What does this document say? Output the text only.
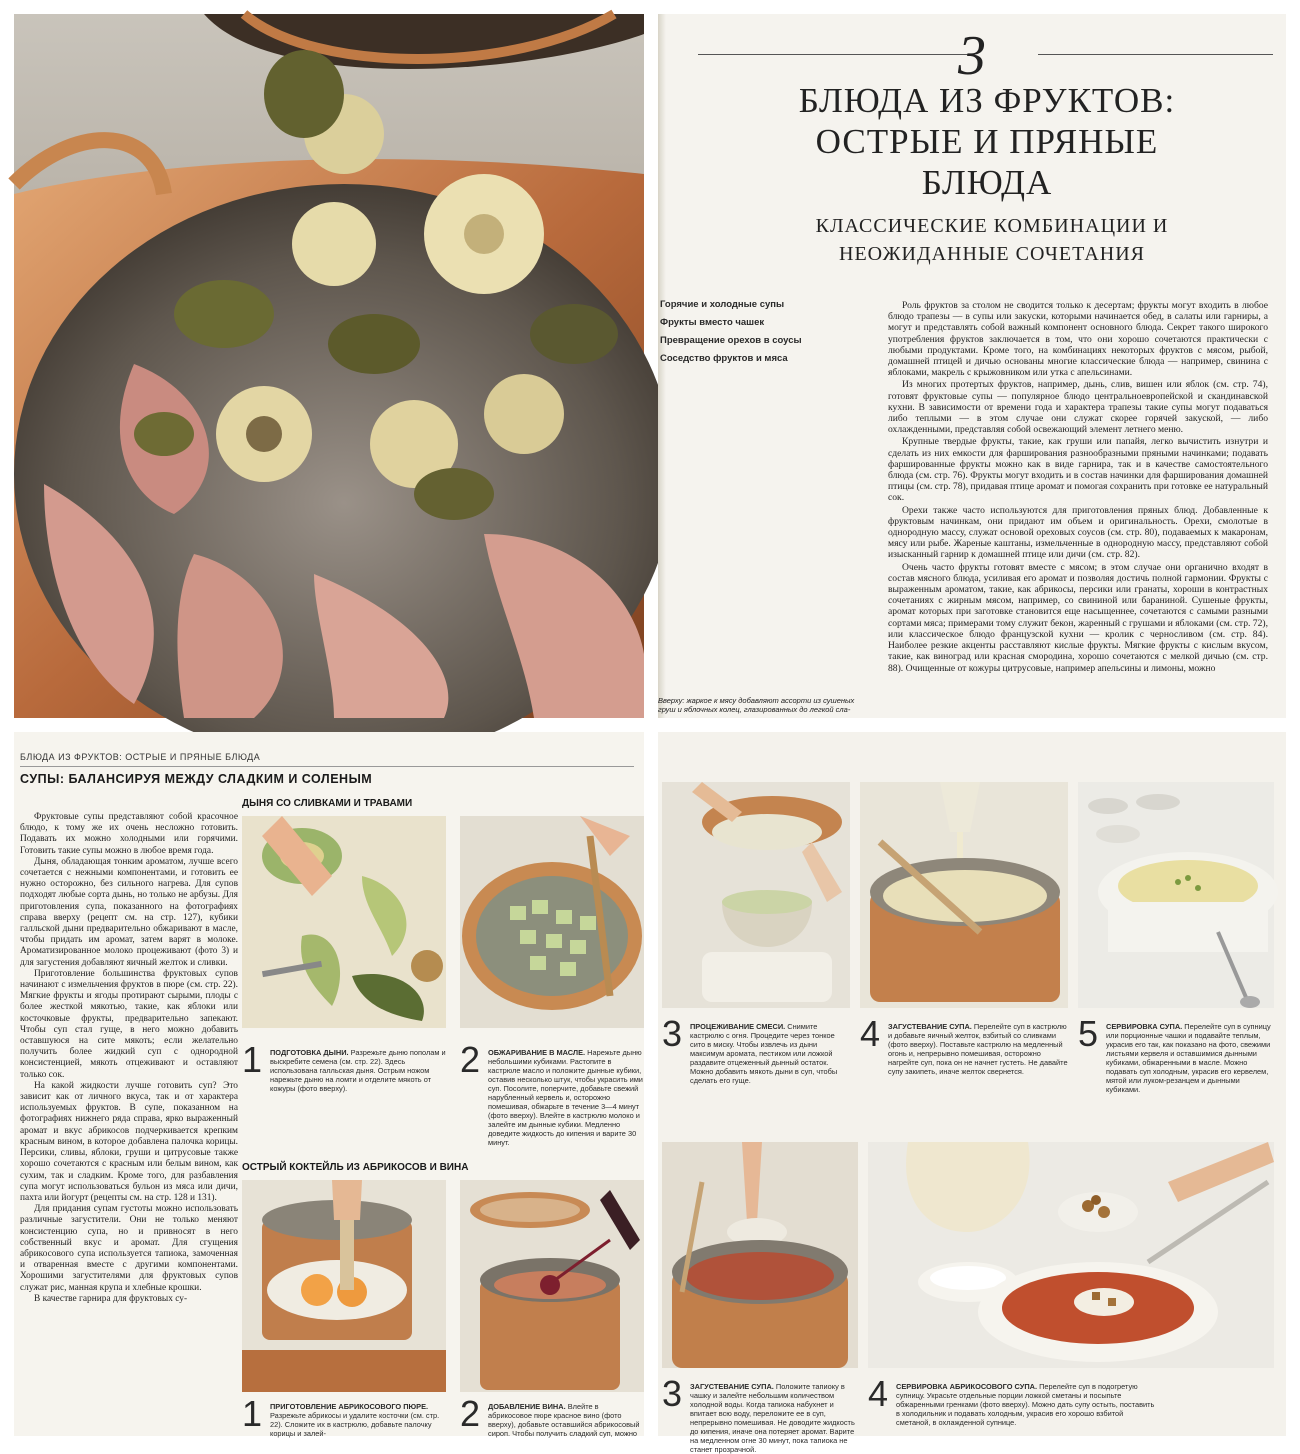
3
БЛЮДА ИЗ ФРУКТОВ:
ОСТРЫЕ И ПРЯНЫЕ
БЛЮДА
КЛАССИЧЕСКИЕ КОМБИНАЦИИ И
НЕОЖИДАННЫЕ СОЧЕТАНИЯ
Горячие и холодные супы
Фрукты вместо чашек
Превращение орехов в соусы
Соседство фруктов и мяса

Роль фруктов за столом не сводится только к десертам; фрукты могут входить в любое блюдо трапезы — в супы или закуски, которыми начинается обед, в салаты или гарниры, а могут и представлять собой важный компонент основного блюда. Секрет такого широкого употребления фруктов заключается в том, что они хорошо сочетаются практически с любыми продуктами. Кроме того, на комбинациях некоторых фруктов с мясом, рыбой, домашней птицей и дичью основаны многие классические блюда — например, свинина с яблоками, макрель с крыжовником или утка с апельсинами.

Из многих протертых фруктов, например, дынь, слив, вишен или яблок (см. стр. 74), готовят фруктовые супы — популярное блюдо центральноевропейской и скандинавской кухни. В зависимости от времени года и характера трапезы такие супы могут подаваться либо теплыми — в этом случае они служат скорее горячей закуской, — либо охлажденными, представляя собой освежающий элемент летнего меню.

Крупные твердые фрукты, такие, как груши или папайя, легко вычистить изнутри и сделать из них емкости для фарширования разнообразными пряными начинками; подавать фаршированные фрукты можно как в виде гарнира, так и в качестве самостоятельного блюда (см. стр. 76). Фрукты могут входить и в состав начинки для фарширования домашней птицы (см. стр. 78), придавая птице аромат и помогая сохранить при готовке ее натуральный сок.

Орехи также часто используются для приготовления пряных блюд. Добавленные к фруктовым начинкам, они придают им объем и оригинальность. Орехи, смолотые в однородную массу, служат основой ореховых соусов (см. стр. 80), подаваемых к макаронам, мясу или рыбе. Жареные каштаны, измельченные в однородную массу, представляют собой изысканный гарнир к домашней птице или дичи (см. стр. 82).

Очень часто фрукты готовят вместе с мясом; в этом случае они органично входят в состав мясного блюда, усиливая его аромат и позволяя достичь полной гармонии. Фрукты с выраженным ароматом, такие, как абрикосы, персики или гранаты, хороши в контрастных сочетаниях с жирным мясом, например, со свининой или бараниной. Сушеные фрукты, аромат которых при заготовке становится еще насыщеннее, сочетаются с самыми разными сортами мяса; примерами тому служит бекон, жаренный с грушами и яблоками (см. стр. 72), или классическое блюдо французской кухни — кролик с черносливом (см. стр. 84). Наиболее резкие акценты расставляют кислые фрукты. Мягкие фрукты с кислым вкусом, такие, как виноград или красная смородина, хорошо сочетаются с мелкой дичью (см. стр. 88). Очищенные от кожуры цитрусовые, например апельсины и лимоны, можно

Вверху: жаркое к мясу добавляют ассорти из сушеных груш и яблочных колец, глазированных до легкой сла-
БЛЮДА ИЗ ФРУКТОВ: ОСТРЫЕ И ПРЯНЫЕ БЛЮДА
СУПЫ: БАЛАНСИРУЯ МЕЖДУ СЛАДКИМ И СОЛЕНЫМ

Фруктовые супы представляют собой красочное блюдо, к тому же их очень несложно готовить. Подавать их можно холодными или горячими. Готовить такие супы можно в любое время года.

Дыня, обладающая тонким ароматом, лучше всего сочетается с нежными компонентами, и готовить ее нужно осторожно, без сильного нагрева. Для супов подходят любые сорта дынь, но только не арбузы. Для приготовления супа, показанного на фотографиях справа вверху (рецепт см. на стр. 127), кубики галльской дыни предварительно обжаривают в масле, чтобы придать им аромат, затем варят в молоке. Ароматизированное молоко процеживают (фото 3) и для загустения добавляют яичный желток и сливки.

Приготовление большинства фруктовых супов начинают с измельчения фруктов в пюре (см. стр. 22). Мягкие фрукты и ягоды протирают сырыми, плоды с более жесткой мякотью, такие, как яблоки или косточковые фрукты, предварительно запекают. Чтобы суп стал гуще, в него можно добавить оставшуюся на сите мякоть; если желательно получить более жидкий суп с однородной консистенцией, мякоть отцеживают и оставляют только сок.

На какой жидкости лучше готовить суп? Это зависит как от личного вкуса, так и от характера используемых фруктов. В супе, показанном на фотографиях нижнего ряда справа, ярко выраженный аромат и вкус абрикосов подчеркивается крепким красным вином, в которое добавлена палочка корицы. Персики, сливы, яблоки, груши и цитрусовые также хорошо сочетаются с красным или белым вином, как сухим, так и сладким. Кроме того, для разбавления супа могут использоваться бульон из мяса или дичи, пахта или йогурт (рецепты см. на стр. 128 и 131).

Для придания супам густоты можно использовать различные загустители. Они не только меняют консистенцию супа, но и привносят в него собственный вкус и аромат. Для сгущения абрикосового супа используется тапиока, замоченная и отваренная вместе с другими компонентами. Хорошими загустителями для фруктовых супов служат рис, манная крупа и хлебные крошки.

В качестве гарнира для фруктовых су-

ДЫНЯ СО СЛИВКАМИ И ТРАВАМИ
1 ПОДГОТОВКА ДЫНИ. Разрежьте дыню пополам и выскребите семена (см. стр. 22). Здесь использована галльская дыня. Острым ножом нарежьте дыню на ломти и отделите мякоть от кожуры (фото вверху).
2 ОБЖАРИВАНИЕ В МАСЛЕ. Нарежьте дыню небольшими кубиками. Растопите в кастрюле масло и положите дынные кубики, оставив несколько штук, чтобы украсить ими суп. Посолите, поперчите, добавьте свежий нарубленный кервель и, осторожно помешивая, обжарьте в течение 3—4 минут (фото вверху). Влейте в кастрюлю молоко и залейте им дынные кубики. Медленно доведите жидкость до кипения и варите 30 минут.
ОСТРЫЙ КОКТЕЙЛЬ ИЗ АБРИКОСОВ И ВИНА
1 ПРИГОТОВЛЕНИЕ АБРИКОСОВОГО ПЮРЕ. Разрежьте абрикосы и удалите косточки (см. стр. 22). Сложите их в кастрюлю, добавьте палочку корицы и залей-	2 ДОБАВЛЕНИЕ ВИНА. Влейте в абрикосовое пюре красное вино (фото вверху), добавьте оставшийся абрикосовый сироп. Чтобы получить сладкий суп, можно
3 ПРОЦЕЖИВАНИЕ СМЕСИ. Снимите кастрюлю с огня. Процедите через тонкое сито в миску. Чтобы извлечь из дыни максимум аромата, пестиком или ложкой раздавите отцеженный дынный остаток. Можно добавить мякоть дыни в суп, чтобы сделать его гуще.
4 ЗАГУСТЕВАНИЕ СУПА. Перелейте суп в кастрюлю и добавьте яичный желток, взбитый со сливками (фото вверху). Поставьте кастрюлю на медленный огонь и, непрерывно помешивая, осторожно нагрейте суп, пока он не начнет густеть. Не давайте супу закипеть, иначе желток свернется.
5 СЕРВИРОВКА СУПА. Перелейте суп в супницу или порционные чашки и подавайте теплым, украсив его так, как показано на фото, свежими листьями кервеля и оставшимися дынными кубиками, обжаренными в масле. Можно подавать суп холодным, украсив его кервелем, мятой или луком-резанцем и дынными кубиками.
3 ЗАГУСТЕВАНИЕ СУПА. Положите тапиоку в чашку и залейте небольшим количеством холодной воды. Когда тапиока набухнет и впитает всю воду, переложите ее в суп, непрерывно помешивая. Не доводите жидкость до кипения, иначе она потеряет аромат. Варите на медленном огне 30 минут, пока тапиока не станет прозрачной.
4 СЕРВИРОВКА АБРИКОСОВОГО СУПА. Перелейте суп в подогретую супницу. Украсьте отдельные порции ложкой сметаны и посыпьте обжаренными гренками (фото вверху). Можно дать супу остыть, поставить в холодильник и подавать холодным, украсив его хорошо взбитой сметаной, в охлажденной супнице.
